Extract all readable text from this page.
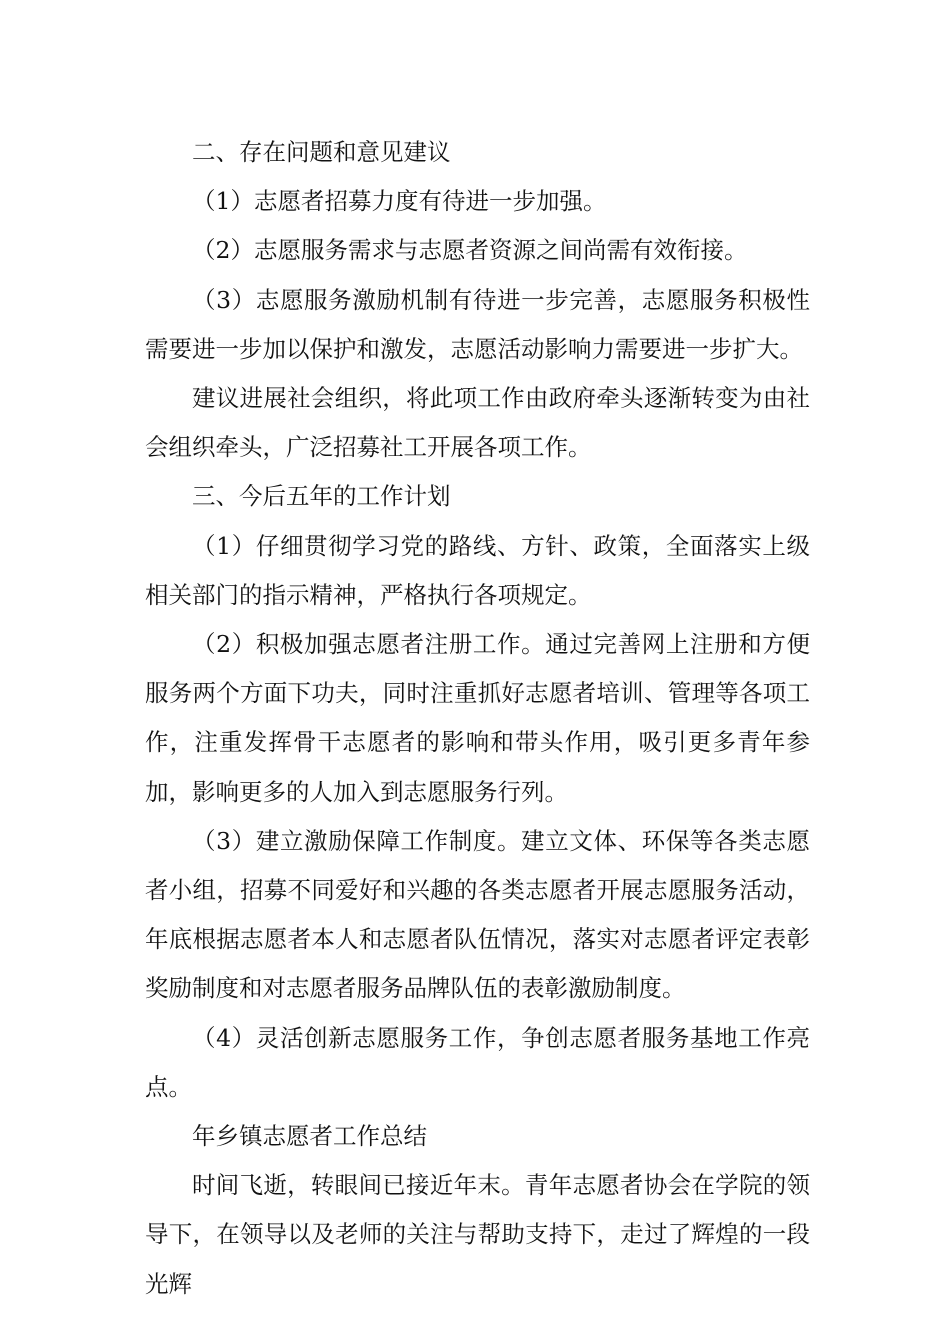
二、存在问题和意见建议

（1）志愿者招募力度有待进一步加强。

（2）志愿服务需求与志愿者资源之间尚需有效衔接。

（3）志愿服务激励机制有待进一步完善，志愿服务积极性需要进一步加以保护和激发，志愿活动影响力需要进一步扩大。

建议进展社会组织，将此项工作由政府牵头逐渐转变为由社会组织牵头，广泛招募社工开展各项工作。

三、今后五年的工作计划

（1）仔细贯彻学习党的路线、方针、政策，全面落实上级相关部门的指示精神，严格执行各项规定。

（2）积极加强志愿者注册工作。通过完善网上注册和方便服务两个方面下功夫，同时注重抓好志愿者培训、管理等各项工作，注重发挥骨干志愿者的影响和带头作用，吸引更多青年参加，影响更多的人加入到志愿服务行列。

（3）建立激励保障工作制度。建立文体、环保等各类志愿者小组，招募不同爱好和兴趣的各类志愿者开展志愿服务活动，年底根据志愿者本人和志愿者队伍情况，落实对志愿者评定表彰奖励制度和对志愿者服务品牌队伍的表彰激励制度。

（4）灵活创新志愿服务工作，争创志愿者服务基地工作亮点。

年乡镇志愿者工作总结

时间飞逝，转眼间已接近年末。青年志愿者协会在学院的领导下，在领导以及老师的关注与帮助支持下，走过了辉煌的一段光辉
